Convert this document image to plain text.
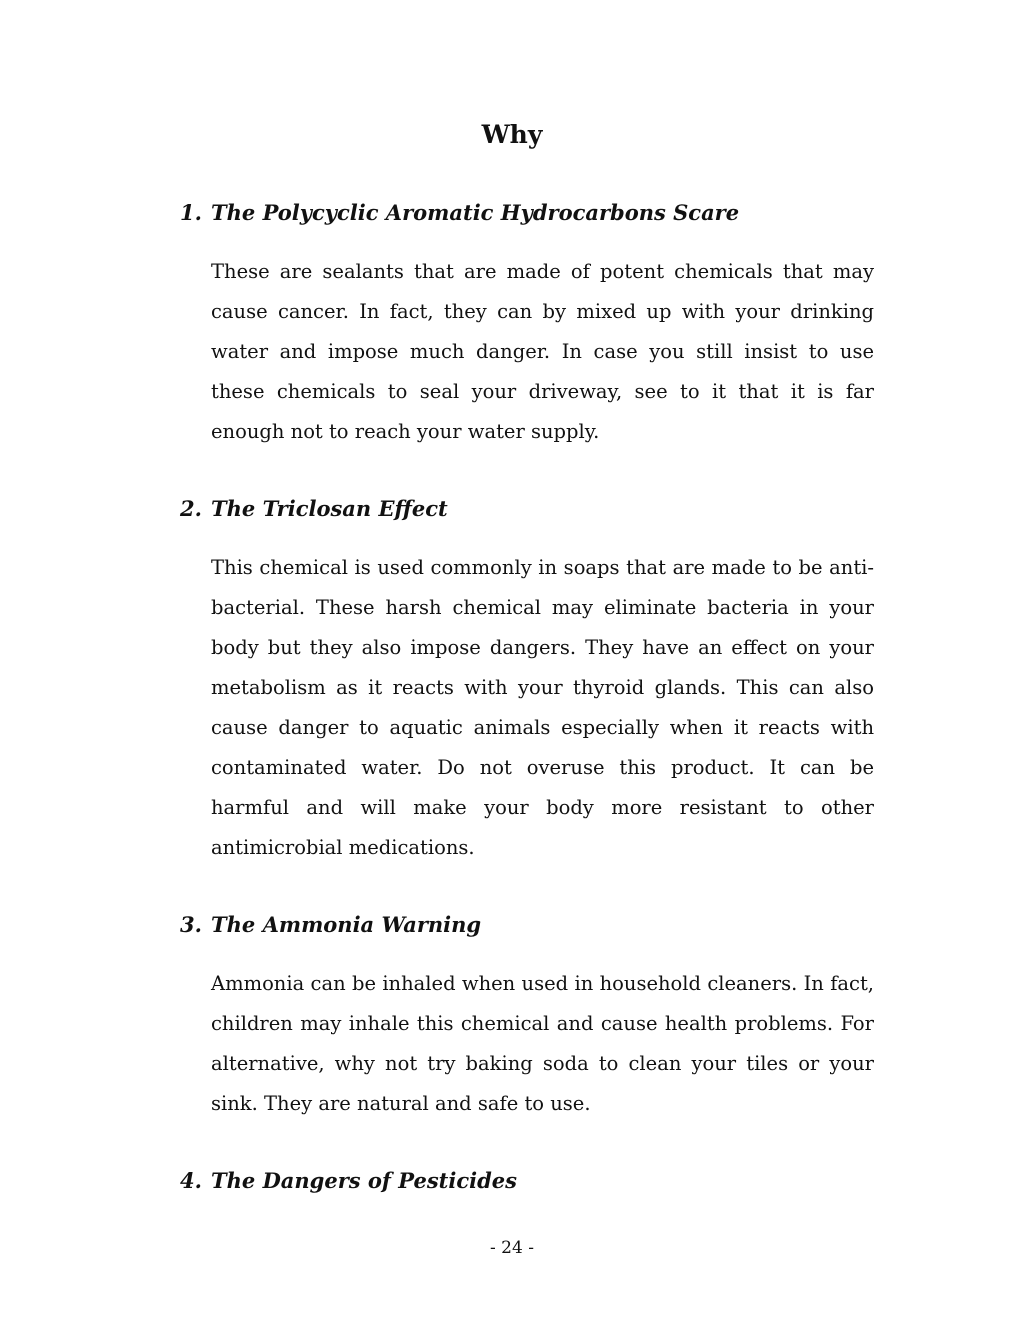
Why
1. The Polycyclic Aromatic Hydrocarbons Scare

These are sealants that are made of potent chemicals that may cause cancer. In fact, they can by mixed up with your drinking water and impose much danger. In case you still insist to use these chemicals to seal your driveway, see to it that it is far enough not to reach your water supply.

2. The Triclosan Effect

This chemical is used commonly in soaps that are made to be anti-bacterial. These harsh chemical may eliminate bacteria in your body but they also impose dangers. They have an effect on your metabolism as it reacts with your thyroid glands. This can also cause danger to aquatic animals especially when it reacts with contaminated water. Do not overuse this product. It can be harmful and will make your body more resistant to other antimicrobial medications.

3. The Ammonia Warning

Ammonia can be inhaled when used in household cleaners. In fact, children may inhale this chemical and cause health problems. For alternative, why not try baking soda to clean your tiles or your sink. They are natural and safe to use.

4. The Dangers of Pesticides
- 24 -
